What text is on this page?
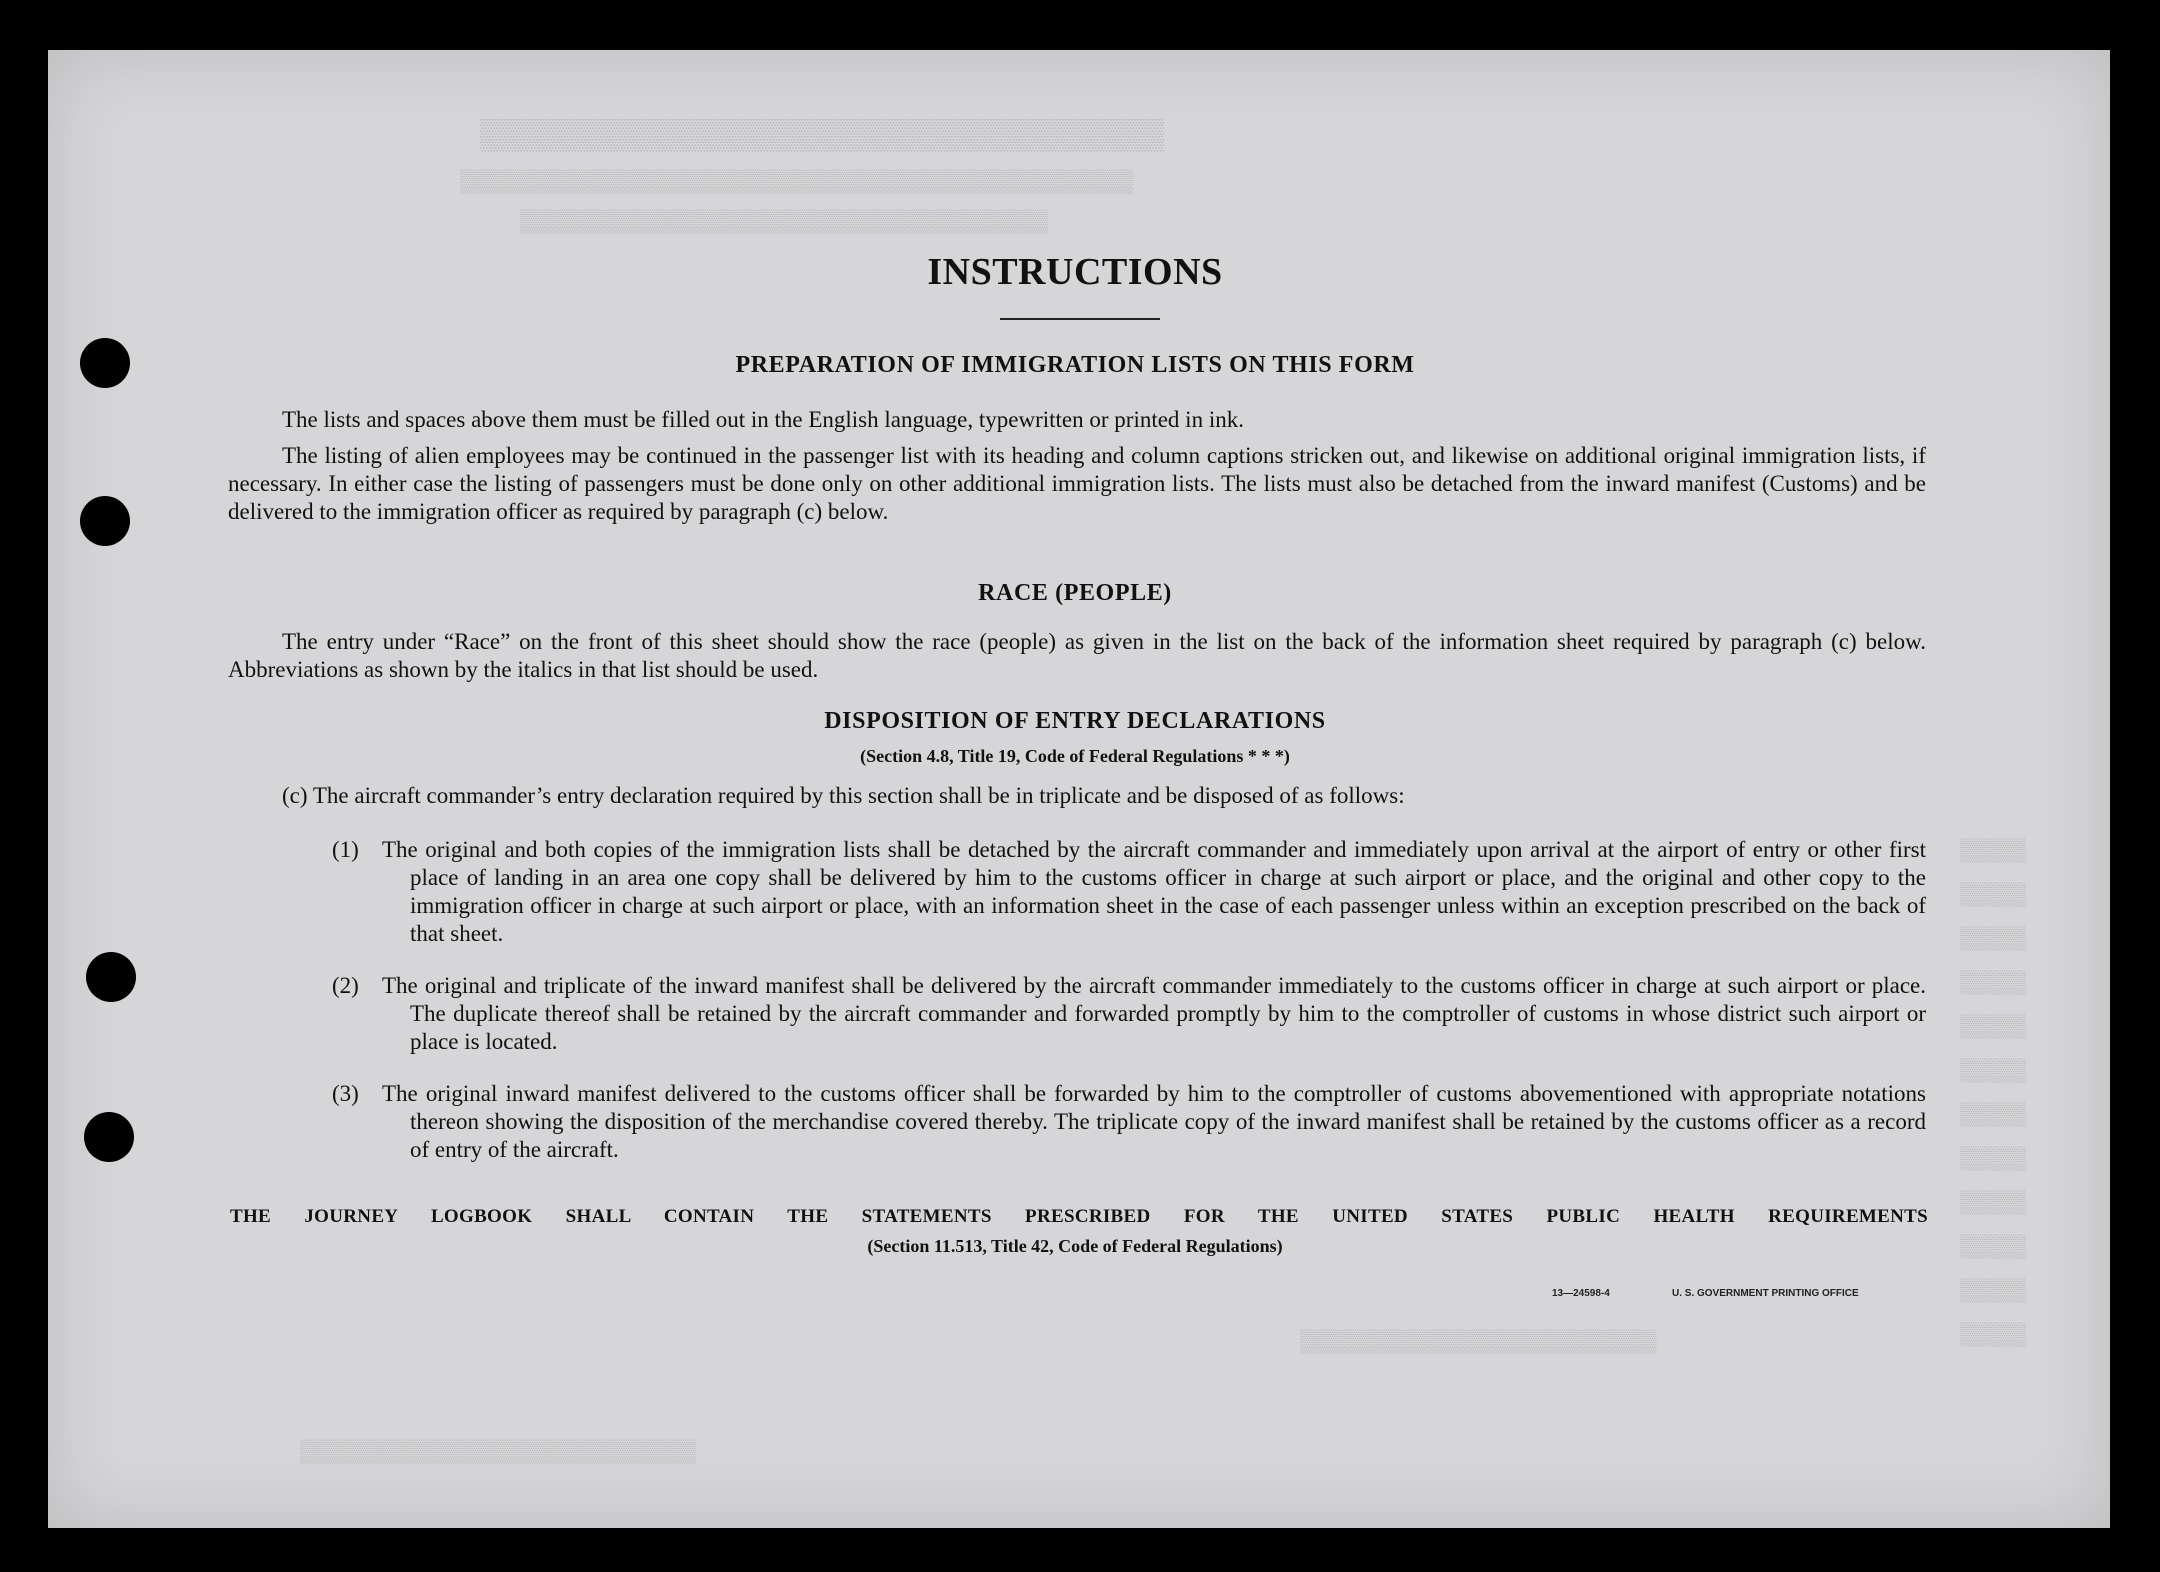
▒▒▒▒▒▒▒▒▒▒▒▒▒▒▒▒▒▒▒▒▒▒▒▒▒▒▒▒▒▒▒▒▒▒▒▒▒▒
▒▒▒▒▒▒▒▒▒▒▒▒▒▒▒▒▒▒▒▒▒▒▒▒▒▒▒▒▒▒▒▒▒▒▒▒▒▒▒▒▒▒▒▒▒▒▒▒▒▒▒
▒▒▒▒▒▒▒▒▒▒▒▒▒▒▒▒▒▒▒▒▒▒▒▒▒▒▒▒▒▒▒▒▒▒▒▒▒▒▒▒
▒▒▒▒▒
▒▒▒▒▒
▒▒▒▒▒
▒▒▒▒▒
▒▒▒▒▒
▒▒▒▒▒
▒▒▒▒▒
▒▒▒▒▒
▒▒▒▒▒
▒▒▒▒▒
▒▒▒▒▒
▒▒▒▒▒
▒▒▒▒▒▒▒▒▒▒▒▒▒▒▒▒▒▒▒▒▒▒▒▒▒▒▒
▒▒▒▒▒▒▒▒▒▒▒▒▒▒▒▒▒▒▒▒▒▒▒▒▒▒▒▒▒▒
INSTRUCTIONS
PREPARATION OF IMMIGRATION LISTS ON THIS FORM
The lists and spaces above them must be filled out in the English language, typewritten or printed in ink.
The listing of alien employees may be continued in the passenger list with its heading and column captions stricken out, and likewise on additional original immigration lists, if necessary. In either case the listing of passengers must be done only on other additional immigration lists. The lists must also be detached from the inward manifest (Customs) and be delivered to the immigration officer as required by paragraph (c) below.
RACE (PEOPLE)
The entry under “Race” on the front of this sheet should show the race (people) as given in the list on the back of the information sheet required by paragraph (c) below. Abbreviations as shown by the italics in that list should be used.
DISPOSITION OF ENTRY DECLARATIONS
(Section 4.8, Title 19, Code of Federal Regulations * * *)
(c) The aircraft commander’s entry declaration required by this section shall be in triplicate and be disposed of as follows:
(1)	The original and both copies of the immigration lists shall be detached by the aircraft commander and immediately upon arrival at the airport of entry or other first place of landing in an area one copy shall be delivered by him to the customs officer in charge at such airport or place, and the original and other copy to the immigration officer in charge at such airport or place, with an information sheet in the case of each passenger unless within an exception prescribed on the back of that sheet.
(2)	The original and triplicate of the inward manifest shall be delivered by the aircraft commander immediately to the customs officer in charge at such airport or place. The duplicate thereof shall be retained by the aircraft commander and forwarded promptly by him to the comptroller of customs in whose district such airport or place is located.
(3)	The original inward manifest delivered to the customs officer shall be forwarded by him to the comptroller of customs abovementioned with appropriate notations thereon showing the disposition of the merchandise covered thereby. The triplicate copy of the inward manifest shall be retained by the customs officer as a record of entry of the aircraft.
THE JOURNEY LOGBOOK SHALL CONTAIN THE STATEMENTS PRESCRIBED FOR THE UNITED STATES PUBLIC HEALTH REQUIREMENTS
(Section 11.513, Title 42, Code of Federal Regulations)
13—24598-4	U. S. GOVERNMENT PRINTING OFFICE
